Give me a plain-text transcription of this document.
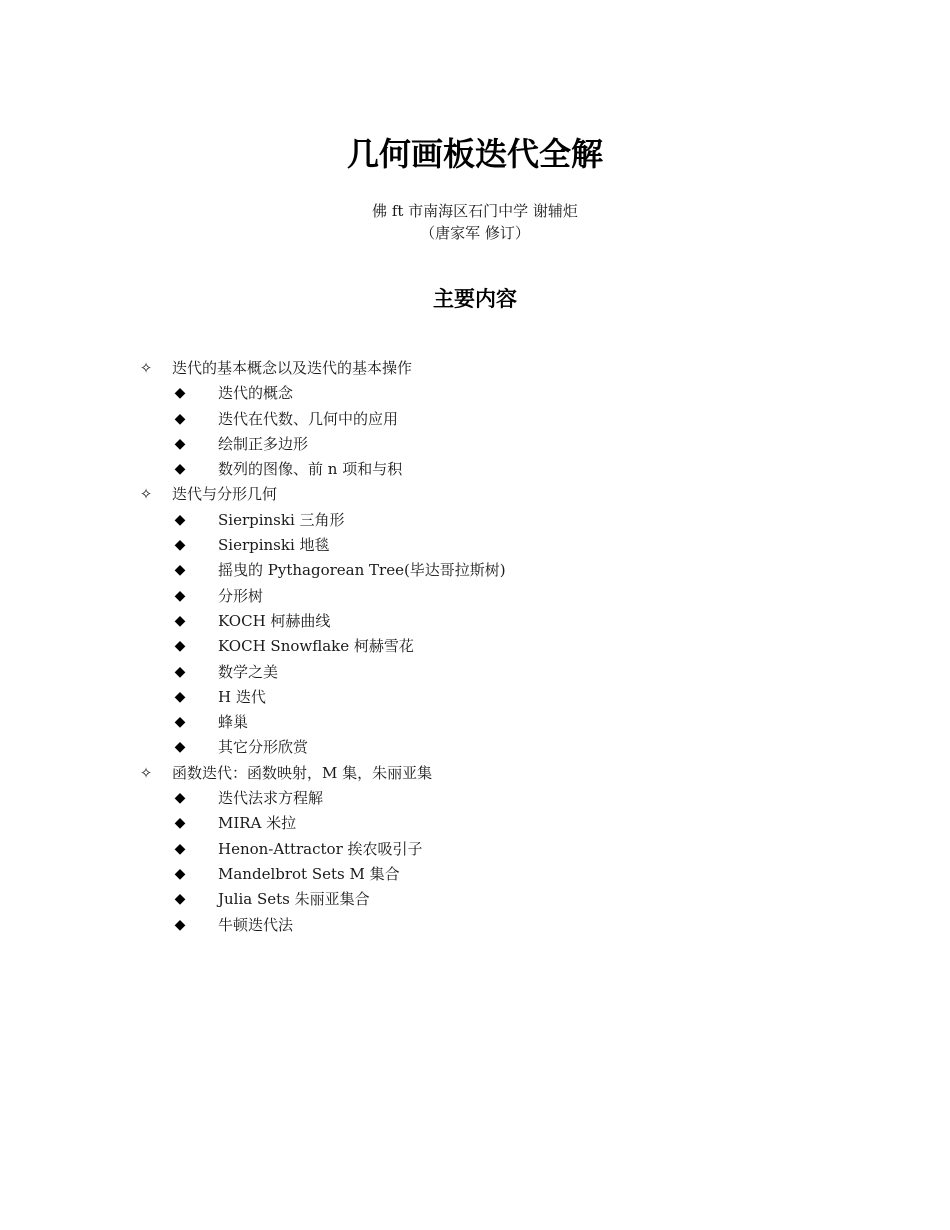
几何画板迭代全解
佛 ft 市南海区石门中学 谢辅炬
（唐家军 修订）
主要内容
✧ 迭代的基本概念以及迭代的基本操作
◆ 迭代的概念
◆ 迭代在代数、几何中的应用
◆ 绘制正多边形
◆ 数列的图像、前 n 项和与积
✧ 迭代与分形几何
◆ Sierpinski 三角形
◆ Sierpinski 地毯
◆ 摇曳的 Pythagorean Tree(毕达哥拉斯树)
◆ 分形树
◆ KOCH 柯赫曲线
◆ KOCH Snowflake 柯赫雪花
◆ 数学之美
◆ H 迭代
◆ 蜂巢
◆ 其它分形欣赏
✧ 函数迭代：函数映射，M 集，朱丽亚集
◆ 迭代法求方程解
◆ MIRA 米拉
◆ Henon-Attractor 挨农吸引子
◆ Mandelbrot Sets M 集合
◆ Julia Sets 朱丽亚集合
◆ 牛顿迭代法
